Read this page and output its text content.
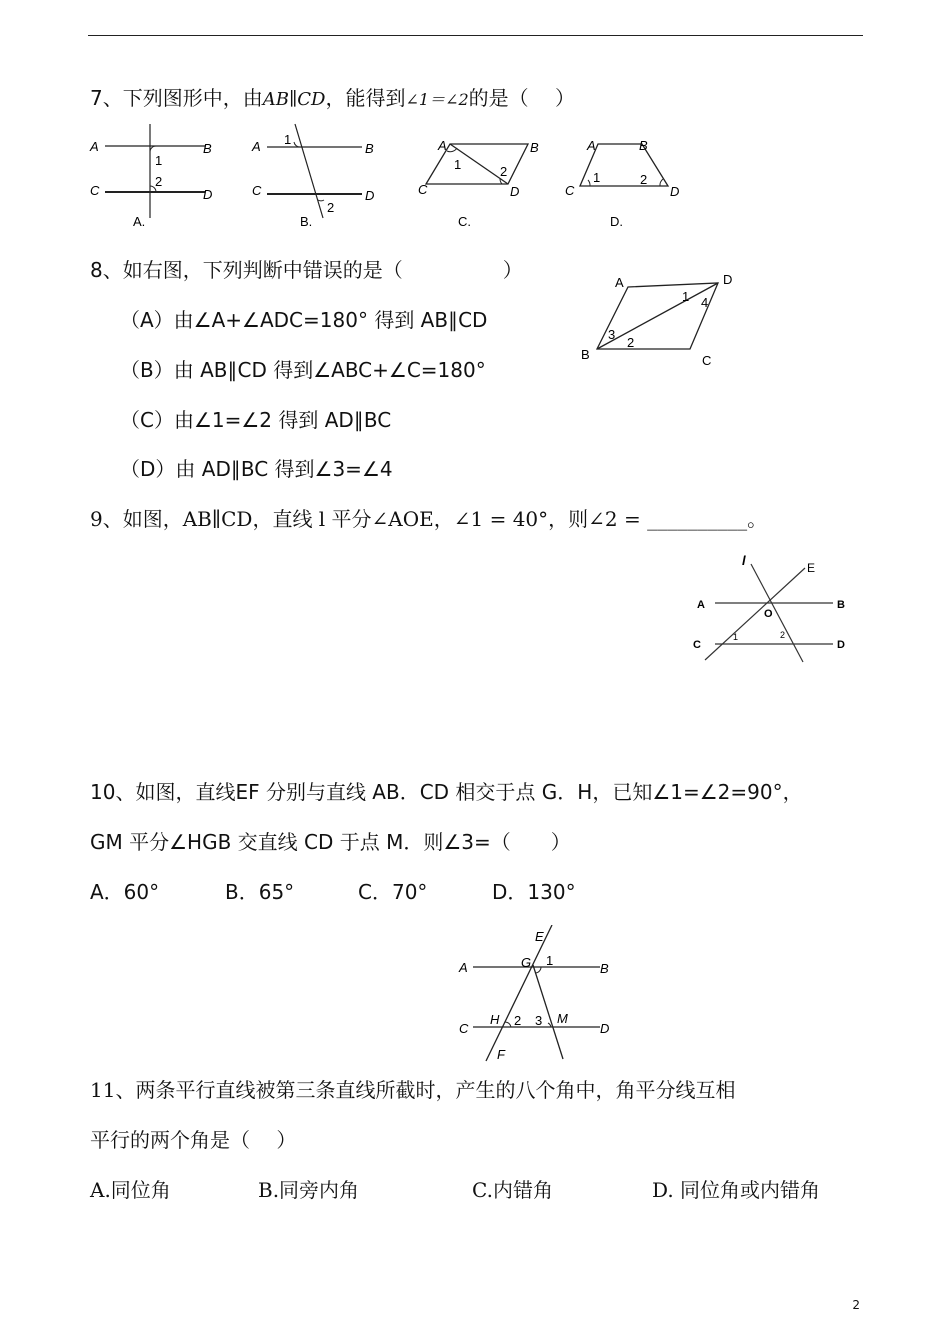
7、下列图形中，由AB∥CD，能得到∠1＝∠2的是（　 ）
A	B
C	D
1
2
A.
A	B
C	D
1
2
B.
A	B
C	D
1	2
C.
A	B
C	D
1	2
D.
8、如右图，下列判断中错误的是（　　　　　）
（A）由∠A+∠ADC=180° 得到 AB∥CD
（B）由 AB∥CD 得到∠ABC+∠C=180°
（C）由∠1=∠2 得到 AD∥BC
（D）由 AD∥BC 得到∠3=∠4
A	D
B	C
1 4
3
2
9、如图，AB∥CD，直线 l 平分∠AOE，∠1 = 40°，则∠2 = __________。
l	E
A	B
O
C	D
1	2
10、如图，直线EF 分别与直线 AB．CD 相交于点 G．H，已知∠1=∠2=90°，
GM 平分∠HGB 交直线 CD 于点 M．则∠3=（　　）
A．60°	B．65°	C．70°	D．130°
E
A	G 1
B
C
H 2 3 M
D
F
11、两条平行直线被第三条直线所截时，产生的八个角中，角平分线互相
平行的两个角是（　 ）
A.同位角	B.同旁内角	C.内错角	D. 同位角或内错角
2
